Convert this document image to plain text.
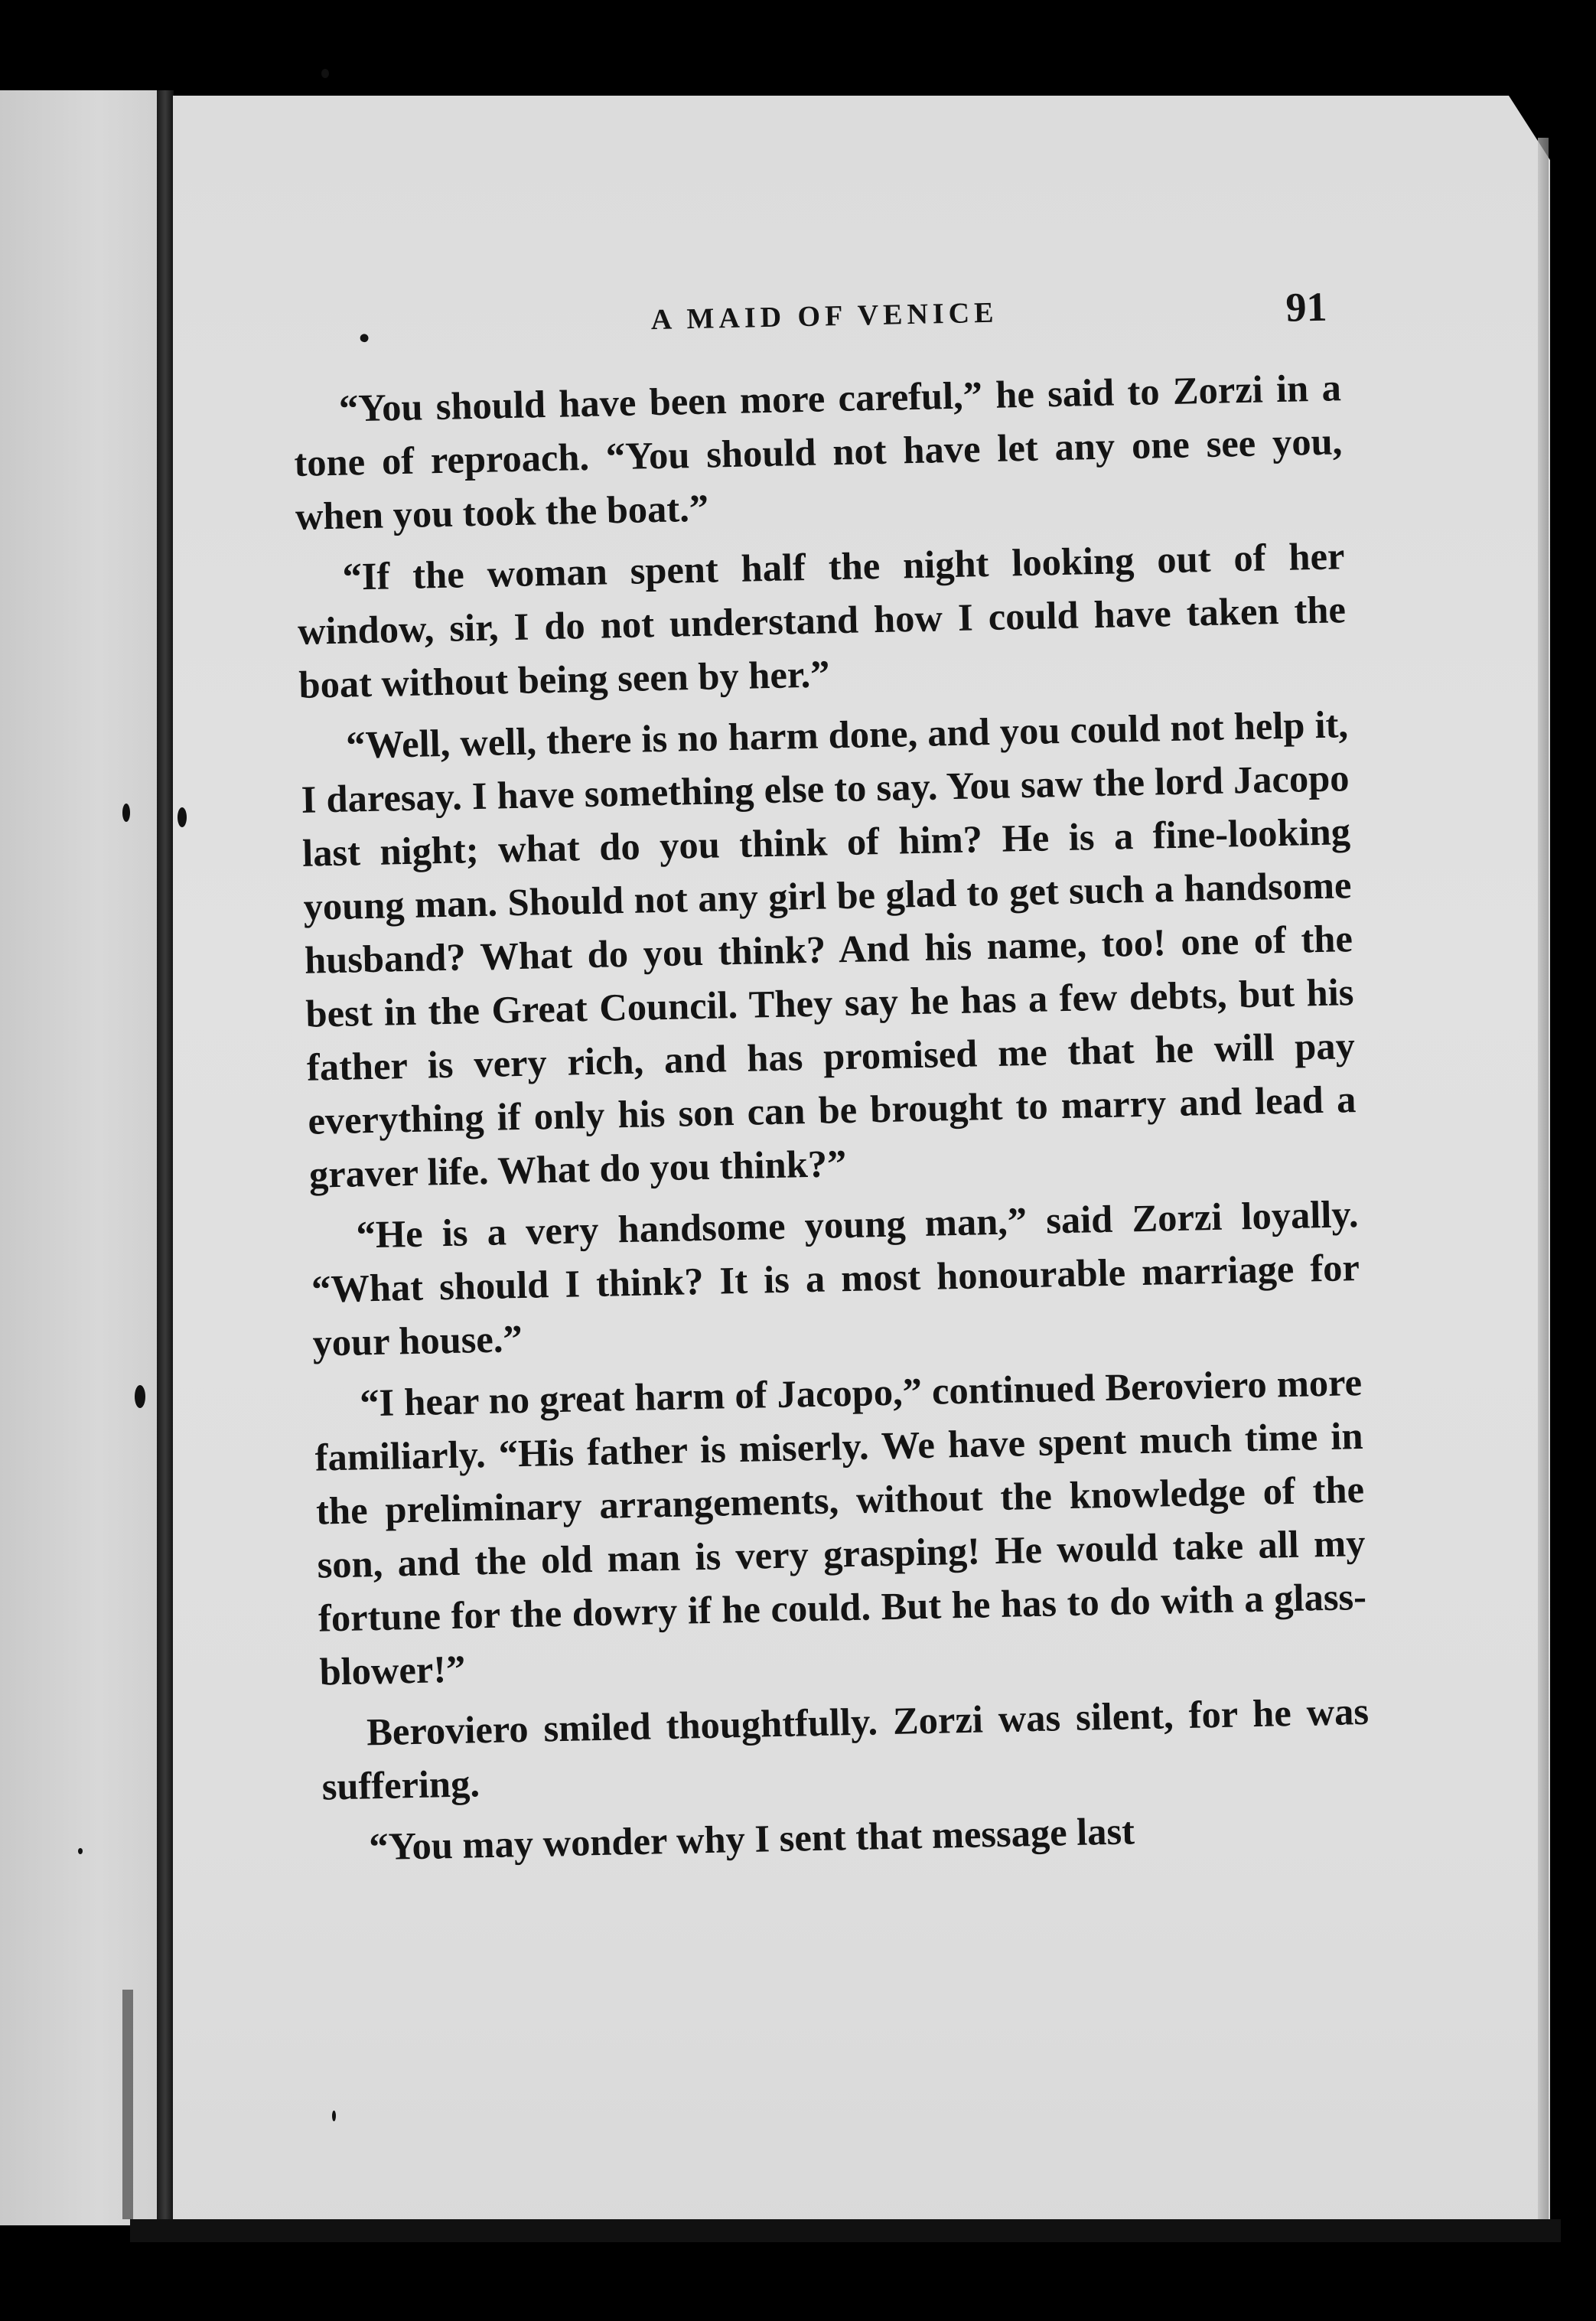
•
A MAID OF VENICE	91

“You should have been more careful,” he said to Zorzi in a tone of reproach. “You should not have let any one see you, when you took the boat.”

“If the woman spent half the night looking out of her window, sir, I do not understand how I could have taken the boat without being seen by her.”

“Well, well, there is no harm done, and you could not help it, I daresay. I have something else to say. You saw the lord Jacopo last night; what do you think of him? He is a fine-looking young man. Should not any girl be glad to get such a handsome husband? What do you think? And his name, too! one of the best in the Great Council. They say he has a few debts, but his father is very rich, and has promised me that he will pay everything if only his son can be brought to marry and lead a graver life. What do you think?”

“He is a very handsome young man,” said Zorzi loyally. “What should I think? It is a most honourable marriage for your house.”

“I hear no great harm of Jacopo,” continued Beroviero more familiarly. “His father is miserly. We have spent much time in the preliminary arrangements, without the knowledge of the son, and the old man is very grasping! He would take all my fortune for the dowry if he could. But he has to do with a glass-blower!”

Beroviero smiled thoughtfully. Zorzi was silent, for he was suffering.

“You may wonder why I sent that message last
